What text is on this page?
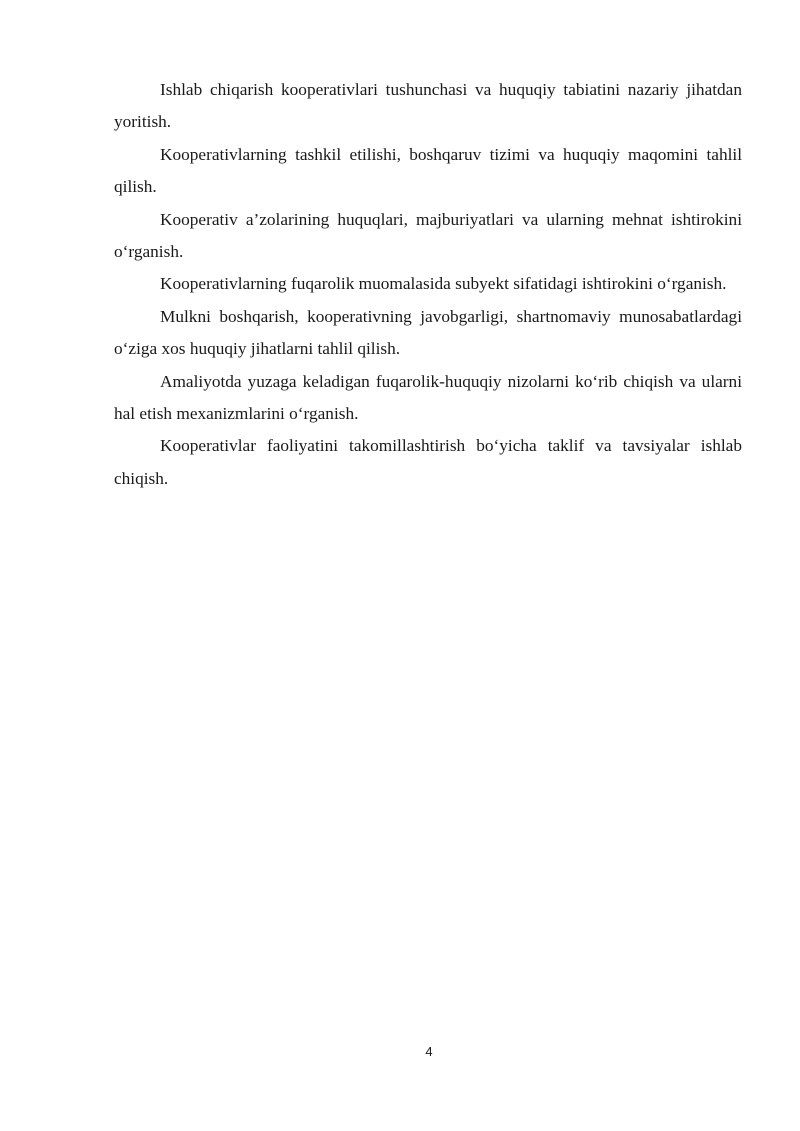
Ishlab chiqarish kooperativlari tushunchasi va huquqiy tabiatini nazariy jihatdan yoritish.

Kooperativlarning tashkil etilishi, boshqaruv tizimi va huquqiy maqomini tahlil qilish.

Kooperativ a’zolarining huquqlari, majburiyatlari va ularning mehnat ishtirokini o‘rganish.

Kooperativlarning fuqarolik muomalasida subyekt sifatidagi ishtirokini o‘rganish.

Mulkni boshqarish, kooperativning javobgarligi, shartnomaviy munosabatlardagi o‘ziga xos huquqiy jihatlarni tahlil qilish.

Amaliyotda yuzaga keladigan fuqarolik-huquqiy nizolarni ko‘rib chiqish va ularni hal etish mexanizmlarini o‘rganish.

Kooperativlar faoliyatini takomillashtirish bo‘yicha taklif va tavsiyalar ishlab chiqish.

4
